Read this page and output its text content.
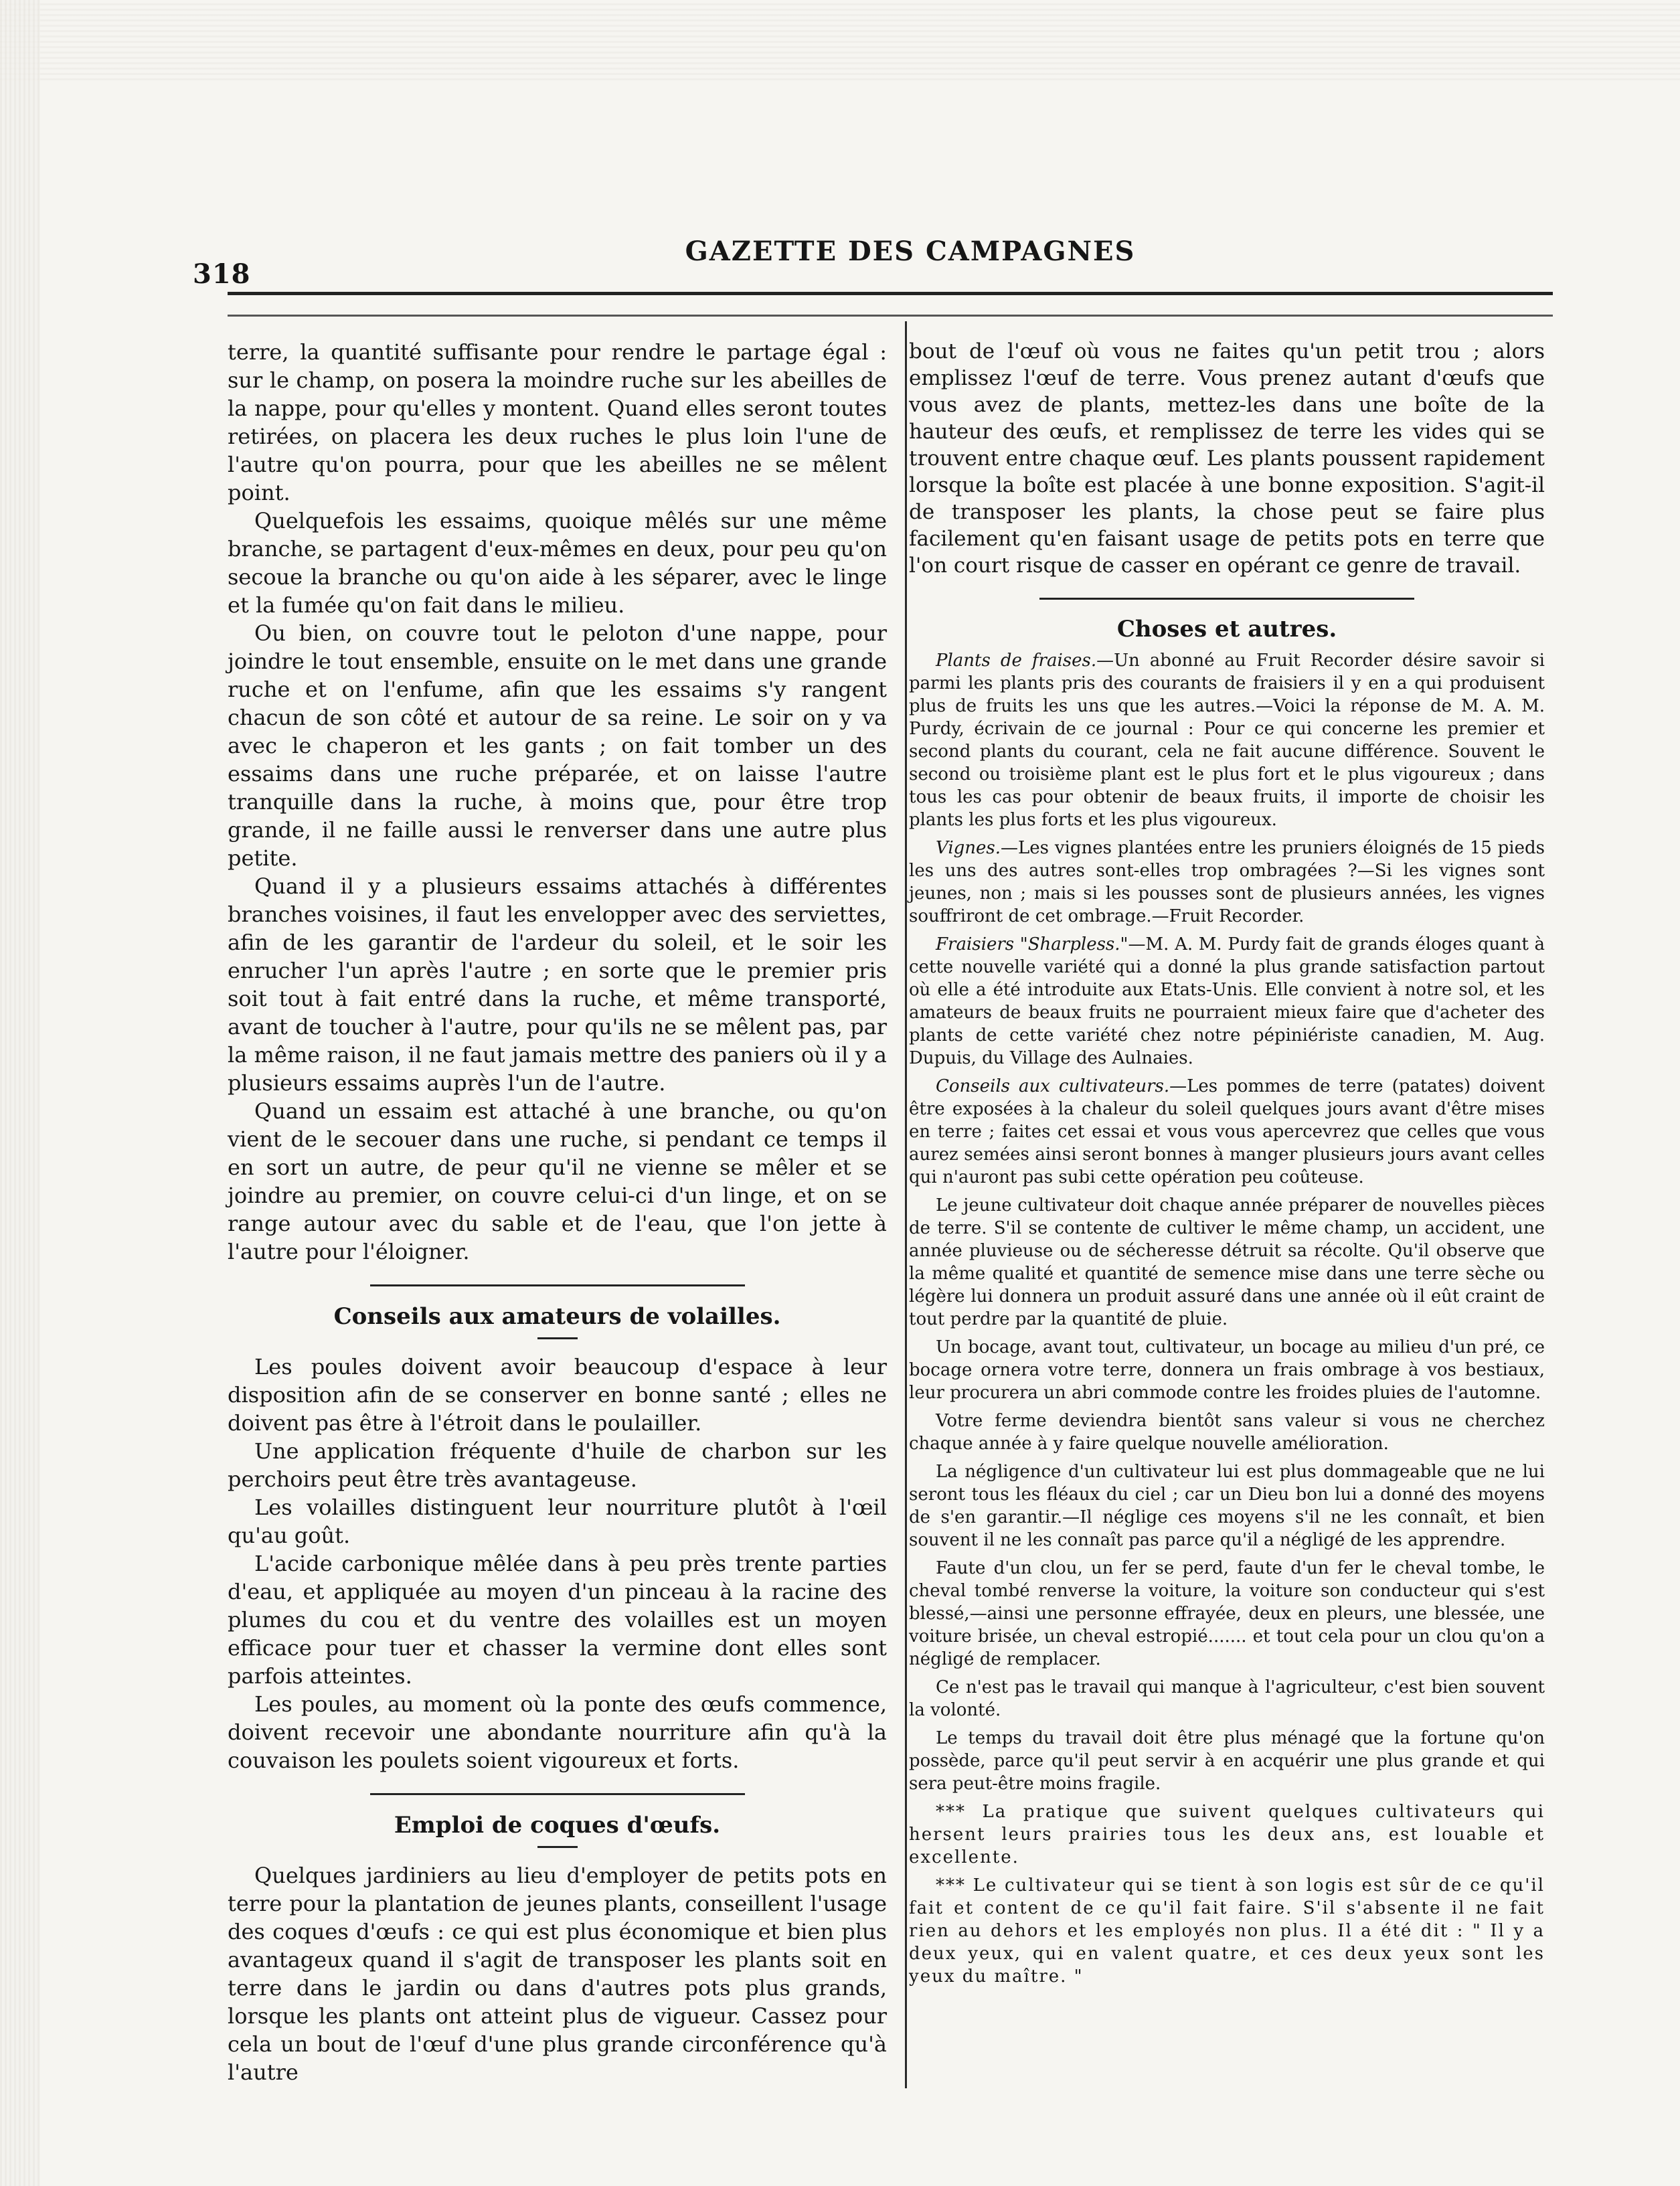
318
GAZETTE DES CAMPAGNES

terre, la quantité suffisante pour rendre le partage égal : sur le champ, on posera la moindre ruche sur les abeilles de la nappe, pour qu'elles y montent. Quand elles seront toutes retirées, on placera les deux ruches le plus loin l'une de l'autre qu'on pourra, pour que les abeilles ne se mêlent point.

Quelquefois les essaims, quoique mêlés sur une même branche, se partagent d'eux-mêmes en deux, pour peu qu'on secoue la branche ou qu'on aide à les séparer, avec le linge et la fumée qu'on fait dans le milieu.

Ou bien, on couvre tout le peloton d'une nappe, pour joindre le tout ensemble, ensuite on le met dans une grande ruche et on l'enfume, afin que les essaims s'y rangent chacun de son côté et autour de sa reine. Le soir on y va avec le chaperon et les gants ; on fait tomber un des essaims dans une ruche préparée, et on laisse l'autre tranquille dans la ruche, à moins que, pour être trop grande, il ne faille aussi le renverser dans une autre plus petite.

Quand il y a plusieurs essaims attachés à différentes branches voisines, il faut les envelopper avec des serviettes, afin de les garantir de l'ardeur du soleil, et le soir les enrucher l'un après l'autre ; en sorte que le premier pris soit tout à fait entré dans la ruche, et même transporté, avant de toucher à l'autre, pour qu'ils ne se mêlent pas, par la même raison, il ne faut jamais mettre des paniers où il y a plusieurs essaims auprès l'un de l'autre.

Quand un essaim est attaché à une branche, ou qu'on vient de le secouer dans une ruche, si pendant ce temps il en sort un autre, de peur qu'il ne vienne se mêler et se joindre au premier, on couvre celui-ci d'un linge, et on se range autour avec du sable et de l'eau, que l'on jette à l'autre pour l'éloigner.

Conseils aux amateurs de volailles.

Les poules doivent avoir beaucoup d'espace à leur disposition afin de se conserver en bonne santé ; elles ne doivent pas être à l'étroit dans le poulailler.

Une application fréquente d'huile de charbon sur les perchoirs peut être très avantageuse.

Les volailles distinguent leur nourriture plutôt à l'œil qu'au goût.

L'acide carbonique mêlée dans à peu près trente parties d'eau, et appliquée au moyen d'un pinceau à la racine des plumes du cou et du ventre des volailles est un moyen efficace pour tuer et chasser la vermine dont elles sont parfois atteintes.

Les poules, au moment où la ponte des œufs commence, doivent recevoir une abondante nourriture afin qu'à la couvaison les poulets soient vigoureux et forts.

Emploi de coques d'œufs.

Quelques jardiniers au lieu d'employer de petits pots en terre pour la plantation de jeunes plants, conseillent l'usage des coques d'œufs : ce qui est plus économique et bien plus avantageux quand il s'agit de transposer les plants soit en terre dans le jardin ou dans d'autres pots plus grands, lorsque les plants ont atteint plus de vigueur. Cassez pour cela un bout de l'œuf d'une plus grande circonférence qu'à l'autre

bout de l'œuf où vous ne faites qu'un petit trou ; alors emplissez l'œuf de terre. Vous prenez autant d'œufs que vous avez de plants, mettez-les dans une boîte de la hauteur des œufs, et remplissez de terre les vides qui se trouvent entre chaque œuf. Les plants poussent rapidement lorsque la boîte est placée à une bonne exposition. S'agit-il de transposer les plants, la chose peut se faire plus facilement qu'en faisant usage de petits pots en terre que l'on court risque de casser en opérant ce genre de travail.

Choses et autres.

Plants de fraises.—Un abonné au Fruit Recorder désire savoir si parmi les plants pris des courants de fraisiers il y en a qui produisent plus de fruits les uns que les autres.—Voici la réponse de M. A. M. Purdy, écrivain de ce journal : Pour ce qui concerne les premier et second plants du courant, cela ne fait aucune différence. Souvent le second ou troisième plant est le plus fort et le plus vigoureux ; dans tous les cas pour obtenir de beaux fruits, il importe de choisir les plants les plus forts et les plus vigoureux.

Vignes.—Les vignes plantées entre les pruniers éloignés de 15 pieds les uns des autres sont-elles trop ombragées ?—Si les vignes sont jeunes, non ; mais si les pousses sont de plusieurs années, les vignes souffriront de cet ombrage.—Fruit Recorder.

Fraisiers "Sharpless."—M. A. M. Purdy fait de grands éloges quant à cette nouvelle variété qui a donné la plus grande satisfaction partout où elle a été introduite aux Etats-Unis. Elle convient à notre sol, et les amateurs de beaux fruits ne pourraient mieux faire que d'acheter des plants de cette variété chez notre pépiniériste canadien, M. Aug. Dupuis, du Village des Aulnaies.

Conseils aux cultivateurs.—Les pommes de terre (patates) doivent être exposées à la chaleur du soleil quelques jours avant d'être mises en terre ; faites cet essai et vous vous apercevrez que celles que vous aurez semées ainsi seront bonnes à manger plusieurs jours avant celles qui n'auront pas subi cette opération peu coûteuse.

Le jeune cultivateur doit chaque année préparer de nouvelles pièces de terre. S'il se contente de cultiver le même champ, un accident, une année pluvieuse ou de sécheresse détruit sa récolte. Qu'il observe que la même qualité et quantité de semence mise dans une terre sèche ou légère lui donnera un produit assuré dans une année où il eût craint de tout perdre par la quantité de pluie.

Un bocage, avant tout, cultivateur, un bocage au milieu d'un pré, ce bocage ornera votre terre, donnera un frais ombrage à vos bestiaux, leur procurera un abri commode contre les froides pluies de l'automne.

Votre ferme deviendra bientôt sans valeur si vous ne cherchez chaque année à y faire quelque nouvelle amélioration.

La négligence d'un cultivateur lui est plus dommageable que ne lui seront tous les fléaux du ciel ; car un Dieu bon lui a donné des moyens de s'en garantir.—Il néglige ces moyens s'il ne les connaît, et bien souvent il ne les connaît pas parce qu'il a négligé de les apprendre.

Faute d'un clou, un fer se perd, faute d'un fer le cheval tombe, le cheval tombé renverse la voiture, la voiture son conducteur qui s'est blessé,—ainsi une personne effrayée, deux en pleurs, une blessée, une voiture brisée, un cheval estropié....... et tout cela pour un clou qu'on a négligé de remplacer.

Ce n'est pas le travail qui manque à l'agriculteur, c'est bien souvent la volonté.

Le temps du travail doit être plus ménagé que la fortune qu'on possède, parce qu'il peut servir à en acquérir une plus grande et qui sera peut-être moins fragile.

*** La pratique que suivent quelques cultivateurs qui hersent leurs prairies tous les deux ans, est louable et excellente.

*** Le cultivateur qui se tient à son logis est sûr de ce qu'il fait et content de ce qu'il fait faire. S'il s'absente il ne fait rien au dehors et les employés non plus. Il a été dit : " Il y a deux yeux, qui en valent quatre, et ces deux yeux sont les yeux du maître. "
